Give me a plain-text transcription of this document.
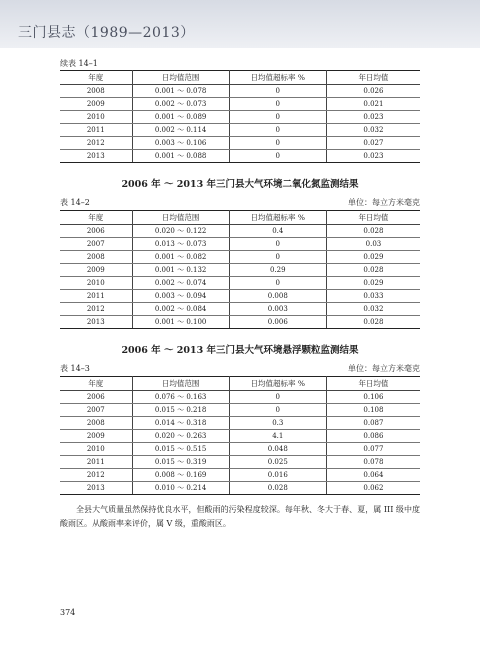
三门县志（1989—2013）
续表 14–1
年度	日均值范围	日均值超标率 %	年日均值
2008	0.001 ～ 0.078	0	0.026
2009	0.002 ～ 0.073	0	0.021
2010	0.001 ～ 0.089	0	0.023
2011	0.002 ～ 0.114	0	0.032
2012	0.003 ～ 0.106	0	0.027
2013	0.001 ～ 0.088	0	0.023
2006 年 ～ 2013 年三门县大气环境二氧化氮监测结果
表 14–2	单位：每立方米毫克
年度	日均值范围	日均值超标率 %	年日均值
2006	0.020 ～ 0.122	0.4	0.028
2007	0.013 ～ 0.073	0	0.03
2008	0.001 ～ 0.082	0	0.029
2009	0.001 ～ 0.132	0.29	0.028
2010	0.002 ～ 0.074	0	0.029
2011	0.003 ～ 0.094	0.008	0.033
2012	0.002 ～ 0.084	0.003	0.032
2013	0.001 ～ 0.100	0.006	0.028
2006 年 ～ 2013 年三门县大气环境悬浮颗粒监测结果
表 14–3	单位：每立方米毫克
年度	日均值范围	日均值超标率 %	年日均值
2006	0.076 ～ 0.163	0	0.106
2007	0.015 ～ 0.218	0	0.108
2008	0.014 ～ 0.318	0.3	0.087
2009	0.020 ～ 0.263	4.1	0.086
2010	0.015 ～ 0.515	0.048	0.077
2011	0.015 ～ 0.319	0.025	0.078
2012	0.008 ～ 0.169	0.016	0.064
2013	0.010 ～ 0.214	0.028	0.062

全县大气质量虽然保持优良水平，但酸雨的污染程度较深。每年秋、冬大于春、夏，属 III 级中度酸雨区。从酸雨率来评价，属 V 级，重酸雨区。

374
